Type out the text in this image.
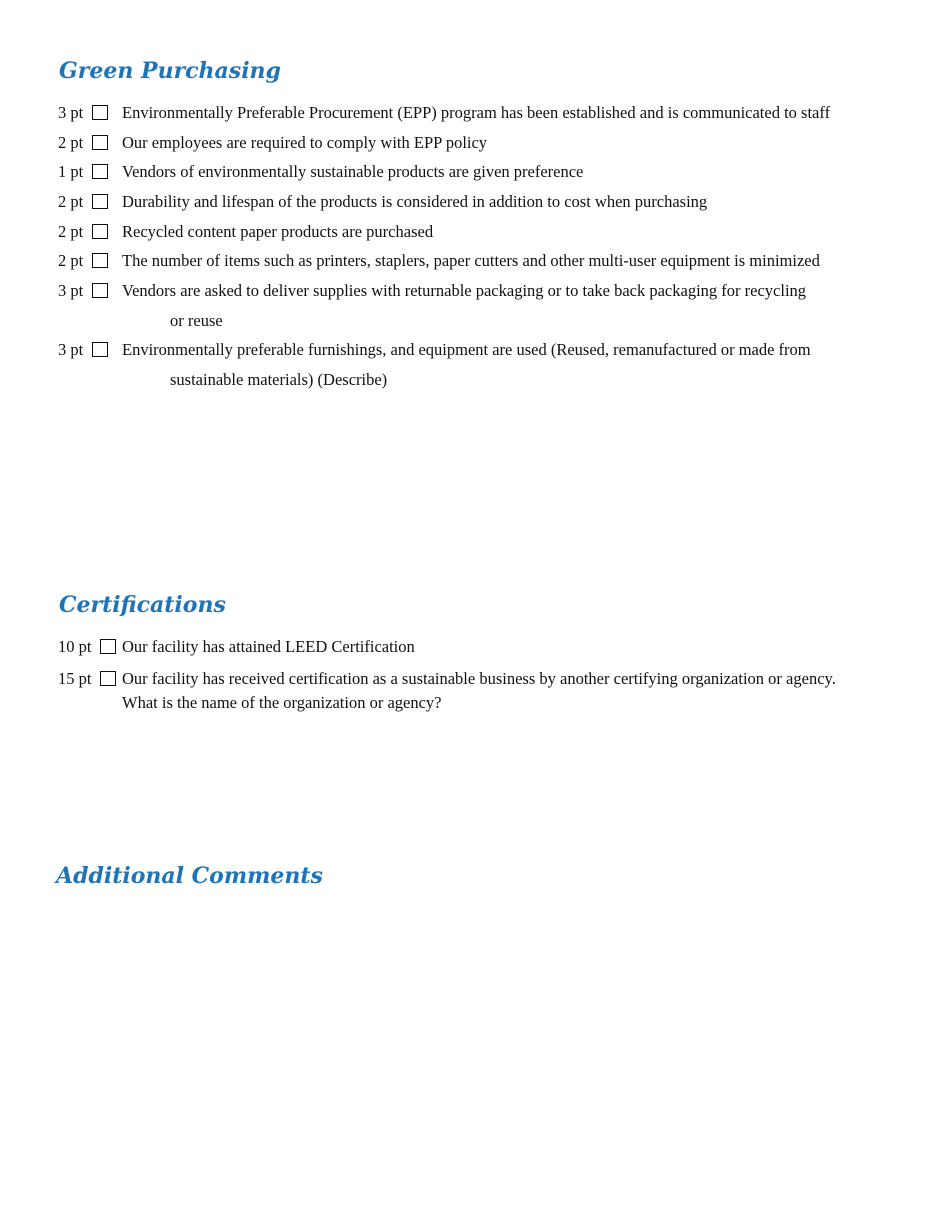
Green Purchasing
3 pt Environmentally Preferable Procurement (EPP) program has been established and is communicated to staff
2 pt Our employees are required to comply with EPP policy
1 pt Vendors of environmentally sustainable products are given preference
2 pt Durability and lifespan of the products is considered in addition to cost when purchasing
2 pt Recycled content paper products are purchased
2 pt The number of items such as printers, staplers, paper cutters and other multi-user equipment is minimized
3 pt Vendors are asked to deliver supplies with returnable packaging or to take back packaging for recycling
or reuse
3 pt Environmentally preferable furnishings, and equipment are used (Reused, remanufactured or made from
sustainable materials) (Describe)
Certifications
10 pt Our facility has attained LEED Certification
15 pt Our facility has received certification as a sustainable business by another certifying organization or agency.
What is the name of the organization or agency?
Additional Comments
